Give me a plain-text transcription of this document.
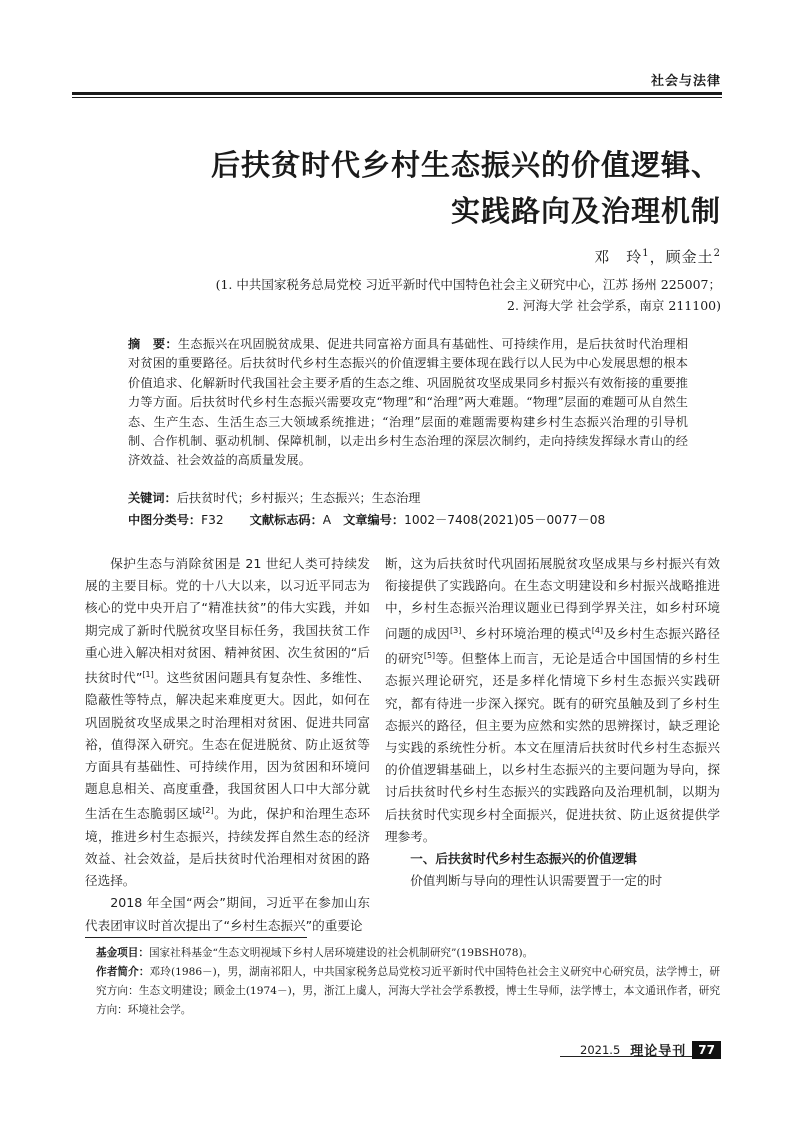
社会与法律
后扶贫时代乡村生态振兴的价值逻辑、
实践路向及治理机制
邓　玲$^1$，顾金土$^2$
(1. 中共国家税务总局党校 习近平新时代中国特色社会主义研究中心，江苏 扬州 225007；
2. 河海大学 社会学系，南京 211100)
摘　要：生态振兴在巩固脱贫成果、促进共同富裕方面具有基础性、可持续作用，是后扶贫时代治理相对贫困的重要路径。后扶贫时代乡村生态振兴的价值逻辑主要体现在践行以人民为中心发展思想的根本价值追求、化解新时代我国社会主要矛盾的生态之维、巩固脱贫攻坚成果同乡村振兴有效衔接的重要推力等方面。后扶贫时代乡村生态振兴需要攻克“物理”和“治理”两大难题。“物理”层面的难题可从自然生态、生产生态、生活生态三大领域系统推进；“治理”层面的难题需要构建乡村生态振兴治理的引导机制、合作机制、驱动机制、保障机制，以走出乡村生态治理的深层次制约，走向持续发挥绿水青山的经济效益、社会效益的高质量发展。
关键词：后扶贫时代；乡村振兴；生态振兴；生态治理
中图分类号：F32 文献标志码：A 文章编号：1002－7408(2021)05－0077－08

保护生态与消除贫困是 21 世纪人类可持续发展的主要目标。党的十八大以来，以习近平同志为核心的党中央开启了“精准扶贫”的伟大实践，并如期完成了新时代脱贫攻坚目标任务，我国扶贫工作重心进入解决相对贫困、精神贫困、次生贫困的“后扶贫时代”[1]。这些贫困问题具有复杂性、多维性、隐蔽性等特点，解决起来难度更大。因此，如何在巩固脱贫攻坚成果之时治理相对贫困、促进共同富裕，值得深入研究。生态在促进脱贫、防止返贫等方面具有基础性、可持续作用，因为贫困和环境问题息息相关、高度重叠，我国贫困人口中大部分就生活在生态脆弱区域[2]。为此，保护和治理生态环境，推进乡村生态振兴，持续发挥自然生态的经济效益、社会效益，是后扶贫时代治理相对贫困的路径选择。

2018 年全国“两会”期间，习近平在参加山东代表团审议时首次提出了“乡村生态振兴”的重要论

断，这为后扶贫时代巩固拓展脱贫攻坚成果与乡村振兴有效衔接提供了实践路向。在生态文明建设和乡村振兴战略推进中，乡村生态振兴治理议题业已得到学界关注，如乡村环境问题的成因[3]、乡村环境治理的模式[4]及乡村生态振兴路径的研究[5]等。但整体上而言，无论是适合中国国情的乡村生态振兴理论研究，还是多样化情境下乡村生态振兴实践研究，都有待进一步深入探究。既有的研究虽触及到了乡村生态振兴的路径，但主要为应然和实然的思辨探讨，缺乏理论与实践的系统性分析。本文在厘清后扶贫时代乡村生态振兴的价值逻辑基础上，以乡村生态振兴的主要问题为导向，探讨后扶贫时代乡村生态振兴的实践路向及治理机制，以期为后扶贫时代实现乡村全面振兴，促进扶贫、防止返贫提供学理参考。

一、后扶贫时代乡村生态振兴的价值逻辑

价值判断与导向的理性认识需要置于一定的时

基金项目：国家社科基金“生态文明视域下乡村人居环境建设的社会机制研究”(19BSH078)。

作者简介：邓玲(1986－)，男，湖南祁阳人，中共国家税务总局党校习近平新时代中国特色社会主义研究中心研究员，法学博士，研究方向：生态文明建设；顾金土(1974－)，男，浙江上虞人，河海大学社会学系教授，博士生导师，法学博士，本文通讯作者，研究方向：环境社会学。

2021.5 理论导刊	77
